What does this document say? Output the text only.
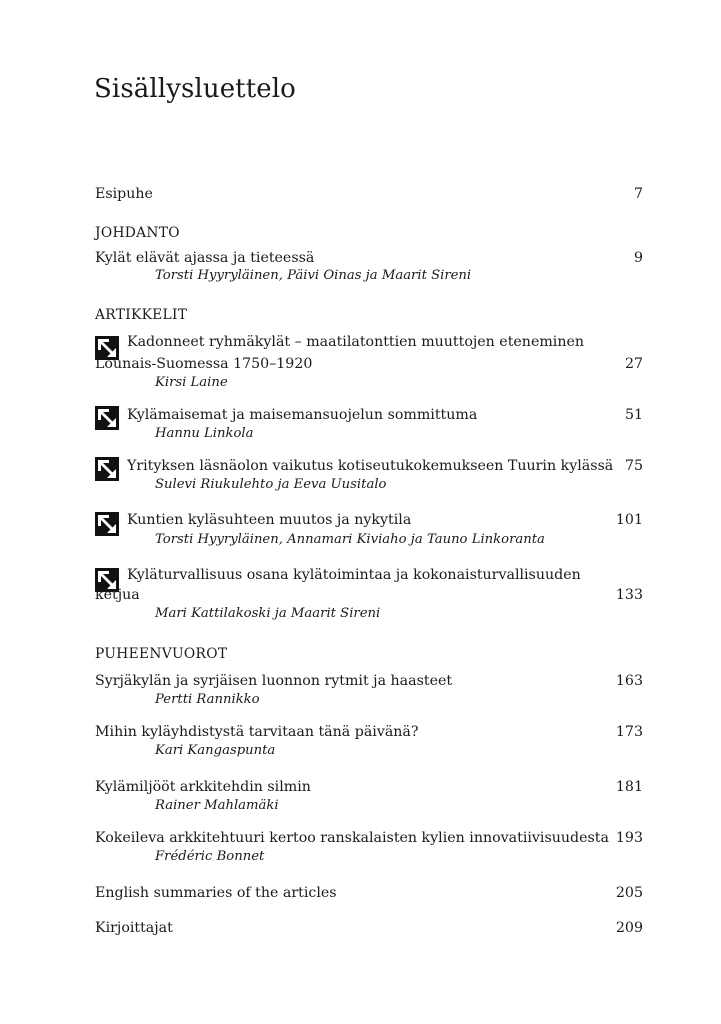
Sisällysluettelo
Esipuhe	7
JOHDANTO
Kylät elävät ajassa ja tieteessä	9
Torsti Hyyryläinen, Päivi Oinas ja Maarit Sireni
ARTIKKELIT
Kadonneet ryhmäkylät – maatilatonttien muuttojen eteneminen
Lounais-Suomessa 1750–1920	27
Kirsi Laine
Kylämaisemat ja maisemansuojelun sommittuma	51
Hannu Linkola
Yrityksen läsnäolon vaikutus kotiseutukokemukseen Tuurin kylässä 75
Sulevi Riukulehto ja Eeva Uusitalo
Kuntien kyläsuhteen muutos ja nykytila	101
Torsti Hyyryläinen, Annamari Kiviaho ja Tauno Linkoranta
Kyläturvallisuus osana kylätoimintaa ja kokonaisturvallisuuden
ketjua	133
Mari Kattilakoski ja Maarit Sireni
PUHEENVUOROT
Syrjäkylän ja syrjäisen luonnon rytmit ja haasteet	163
Pertti Rannikko
Mihin kyläyhdistystä tarvitaan tänä päivänä?	173
Kari Kangaspunta
Kylämiljööt arkkitehdin silmin	181
Rainer Mahlamäki
Kokeileva arkkitehtuuri kertoo ranskalaisten kylien innovatiivisuudesta 193
Frédéric Bonnet
English summaries of the articles	205
Kirjoittajat	209
